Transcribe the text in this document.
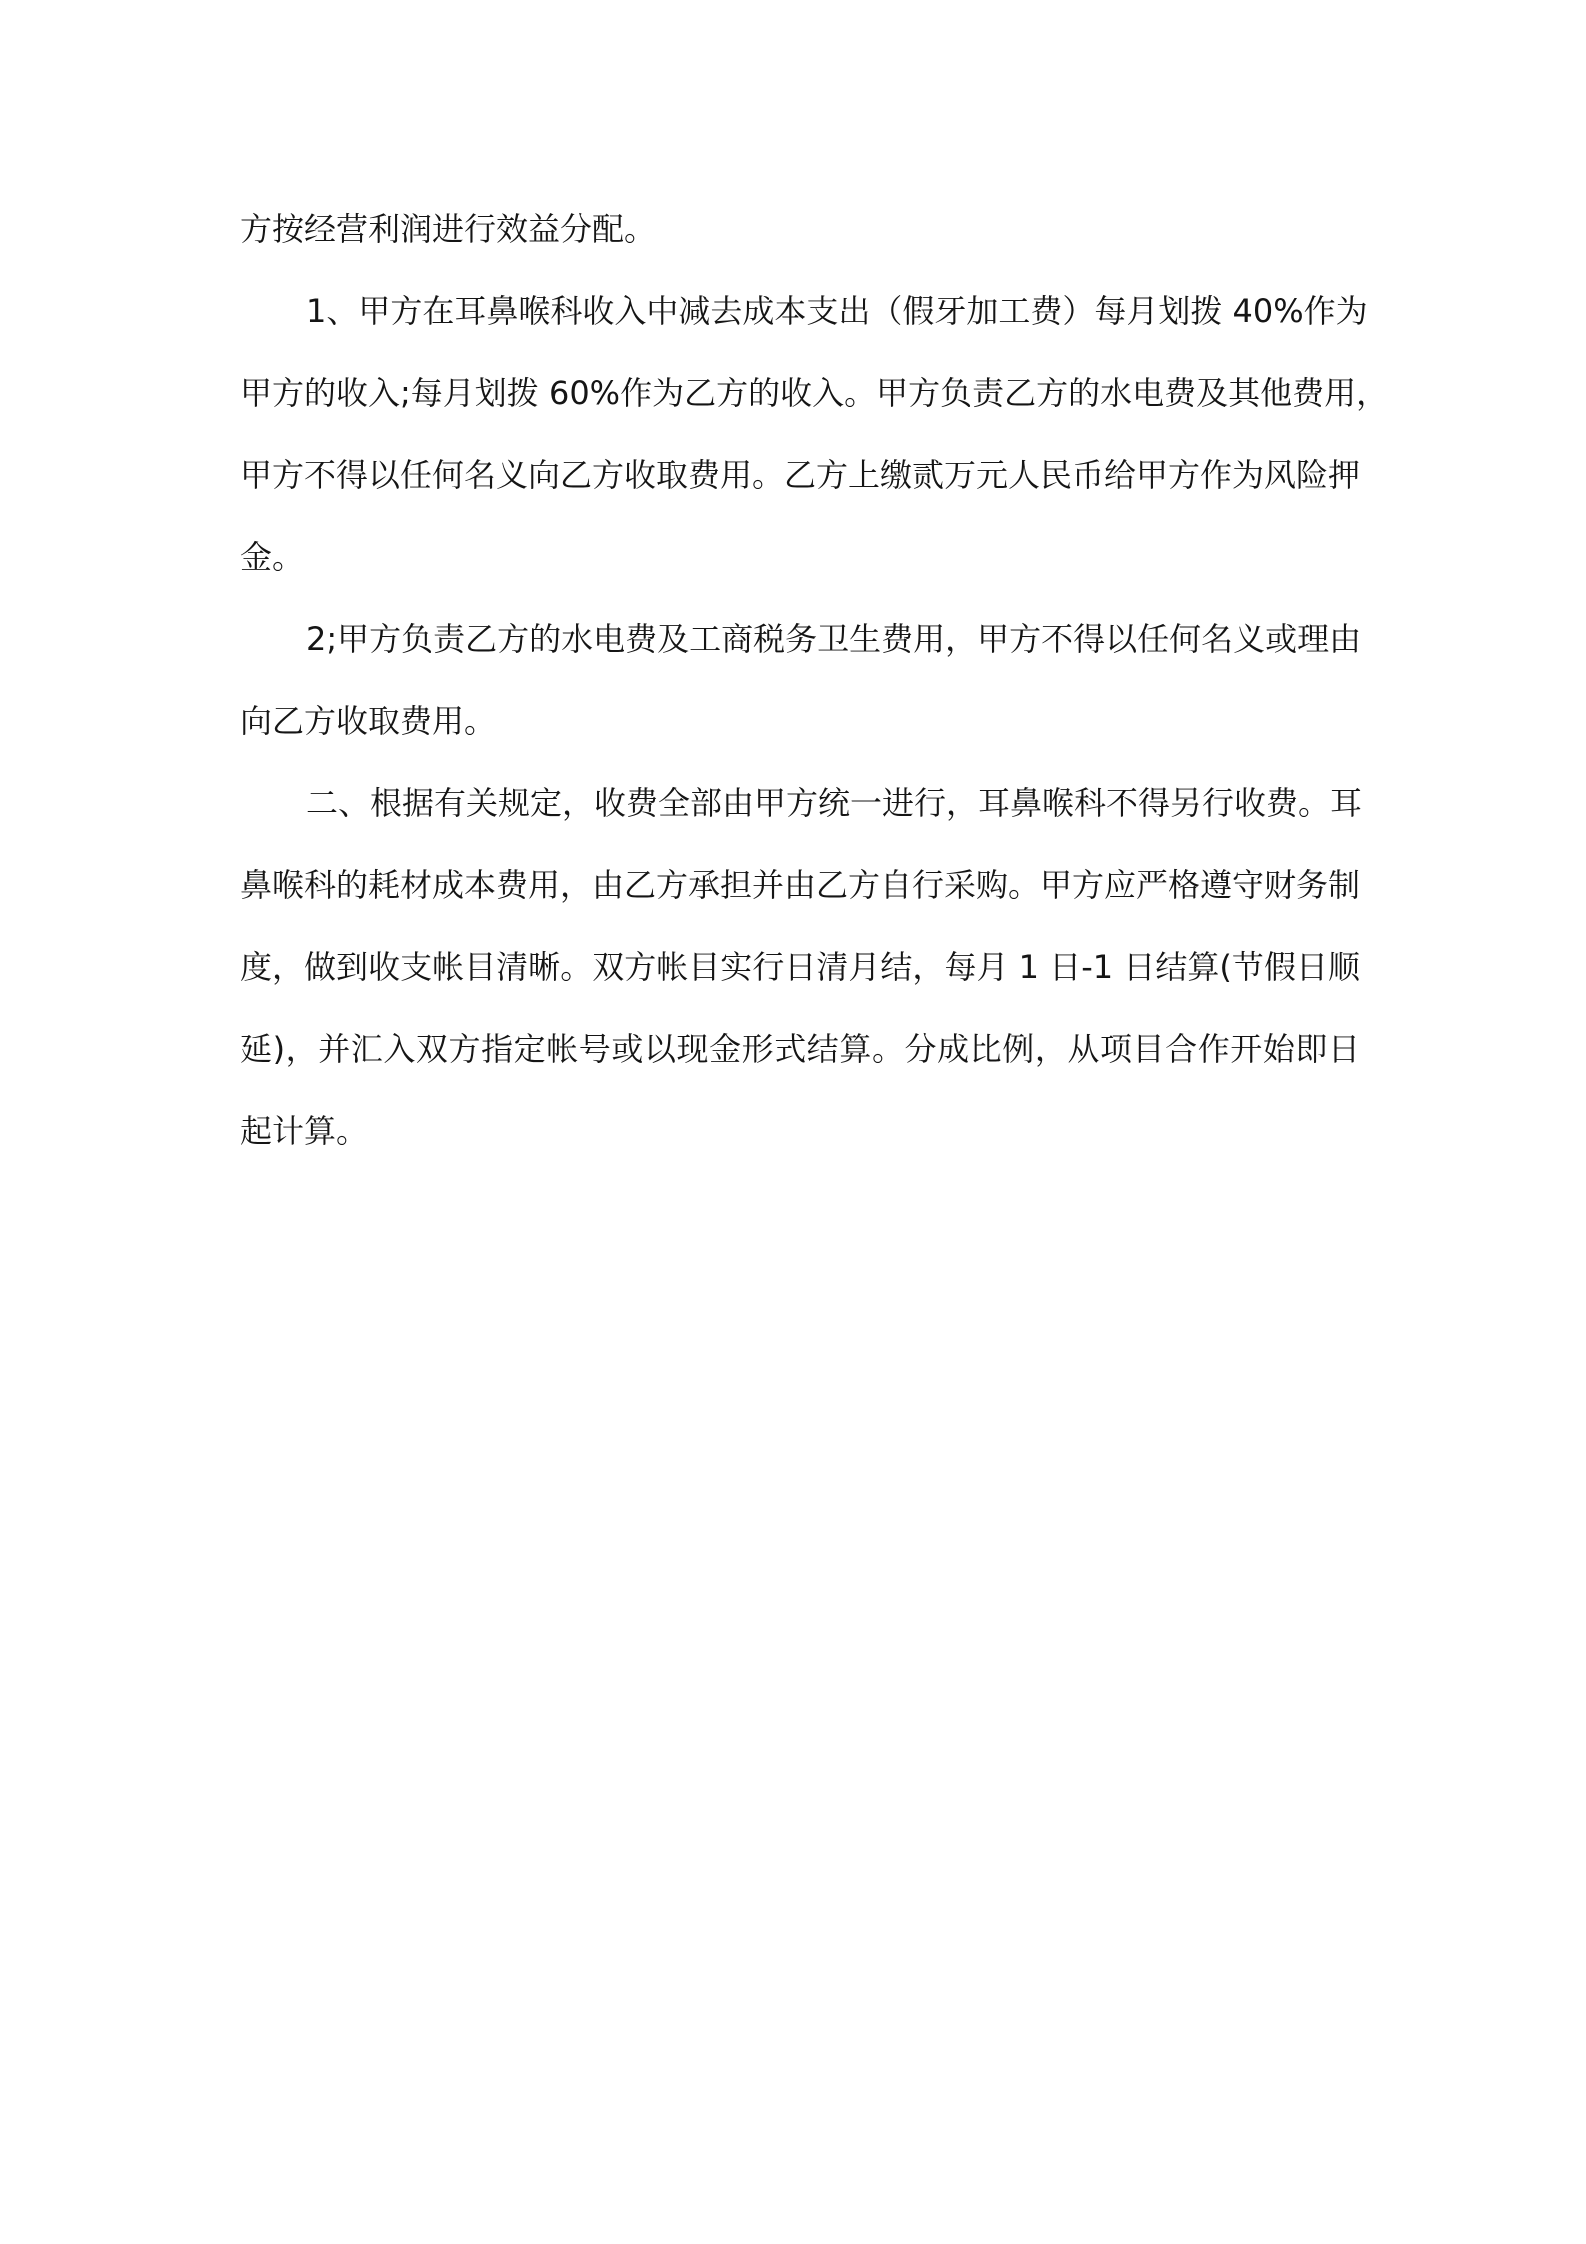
方按经营利润进行效益分配。

1、甲方在耳鼻喉科收入中减去成本支出（假牙加工费）每月划拨 40%作为
甲方的收入;每月划拨 60%作为乙方的收入。甲方负责乙方的水电费及其他费用，
甲方不得以任何名义向乙方收取费用。乙方上缴贰万元人民币给甲方作为风险押
金。

2;甲方负责乙方的水电费及工商税务卫生费用，甲方不得以任何名义或理由
向乙方收取费用。

二、根据有关规定，收费全部由甲方统一进行，耳鼻喉科不得另行收费。耳
鼻喉科的耗材成本费用，由乙方承担并由乙方自行采购。甲方应严格遵守财务制
度，做到收支帐目清晰。双方帐目实行日清月结，每月 1 日-1 日结算(节假日顺
延)，并汇入双方指定帐号或以现金形式结算。分成比例，从项目合作开始即日
起计算。
